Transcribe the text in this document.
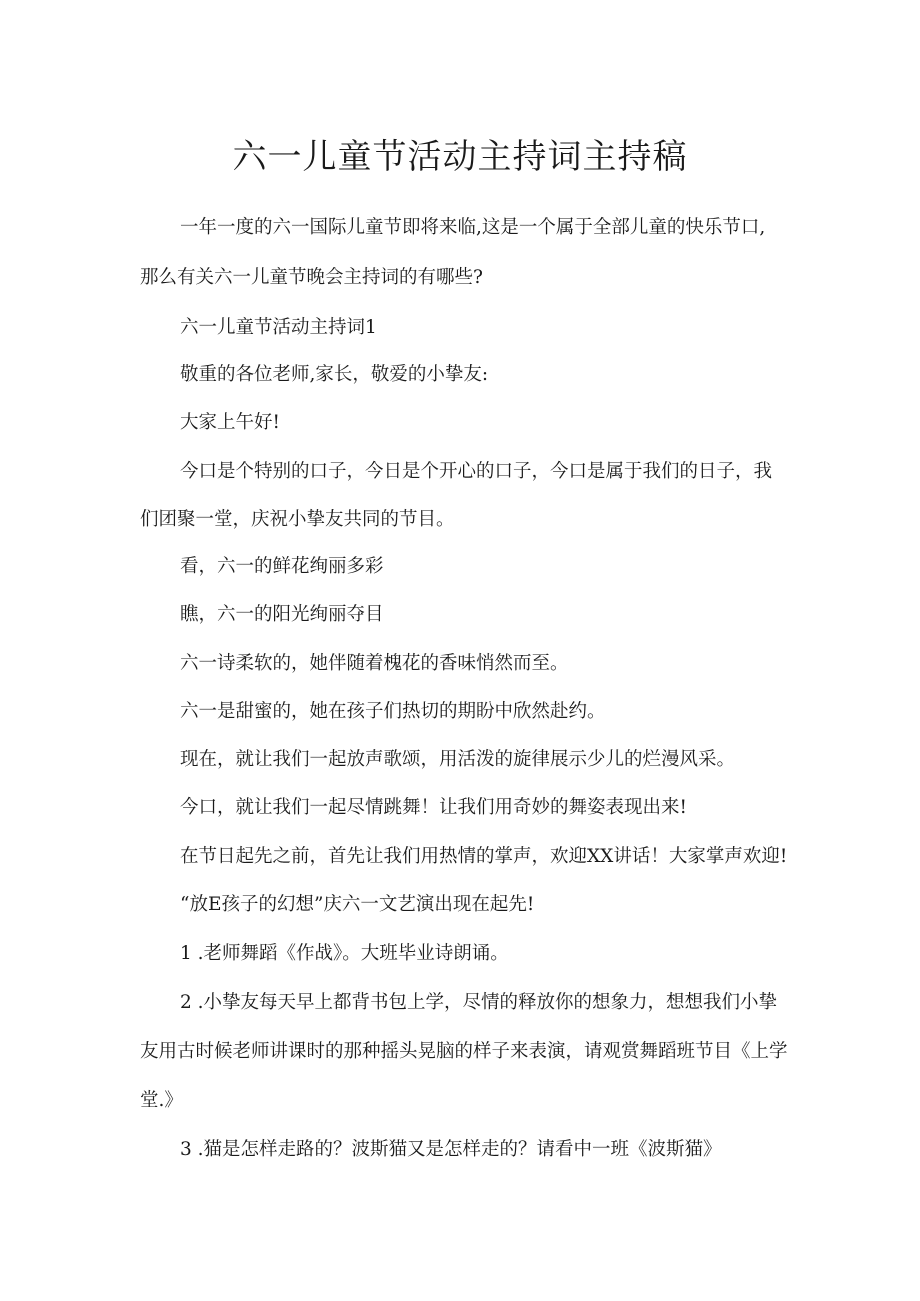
六一儿童节活动主持词主持稿

一年一度的六一国际儿童节即将来临,这是一个属于全部儿童的快乐节口,

那么有关六一儿童节晚会主持词的有哪些?

六一儿童节活动主持词1

敬重的各位老师,家长，敬爱的小挚友:

大家上午好!

今口是个特别的口子，今日是个开心的口子，今口是属于我们的日子，我

们团聚一堂，庆祝小挚友共同的节目。

看，六一的鲜花绚丽多彩

瞧，六一的阳光绚丽夺目

六一诗柔软的，她伴随着槐花的香味悄然而至。

六一是甜蜜的，她在孩子们热切的期盼中欣然赴约。

现在，就让我们一起放声歌颂，用活泼的旋律展示少儿的烂漫风采。

今口，就让我们一起尽情跳舞！让我们用奇妙的舞姿表现出来!

在节日起先之前，首先让我们用热情的掌声，欢迎XX讲话！大家掌声欢迎!

“放E孩子的幻想”庆六一文艺演出现在起先!

1 .老师舞蹈《作战》。大班毕业诗朗诵。

2 .小挚友每天早上都背书包上学，尽情的释放你的想象力，想想我们小挚

友用古时候老师讲课时的那种摇头晃脑的样子来表演，请观赏舞蹈班节目《上学

堂.》

3 .猫是怎样走路的？波斯猫又是怎样走的？请看中一班《波斯猫》
